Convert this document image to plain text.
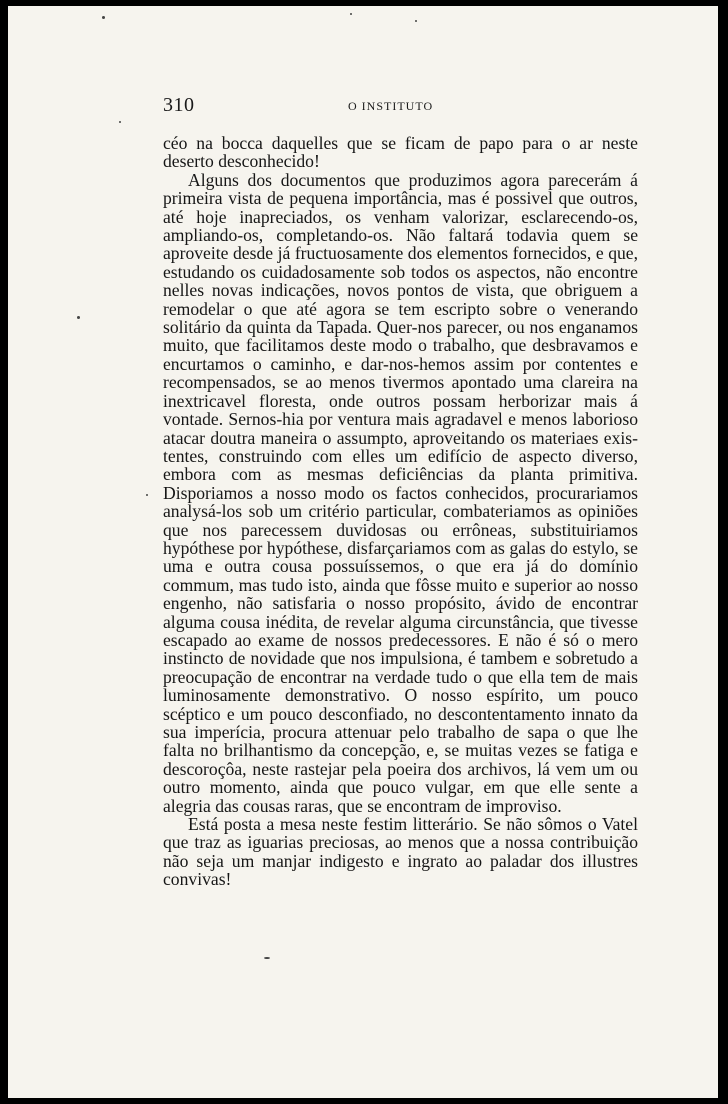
310	O INSTITUTO

céo na bocca daquelles que se ficam de papo para o ar neste deserto desconhecido!

Alguns dos documentos que produzimos agora parecerám á primeira vista de pequena importância, mas é possivel que outros, até hoje inapreciados, os venham valorizar, esclarecendo-os, ampliando-os, completando-os. Não faltará todavia quem se aproveite desde já fructuosamente dos elementos fornecidos, e que, estudando os cuidadosamente sob todos os aspectos, não encontre nelles novas indicações, novos pontos de vista, que obriguem a remodelar o que até agora se tem escripto sobre o venerando solitário da quinta da Tapada. Quer-nos parecer, ou nos enganamos muito, que facilitamos deste modo o trabalho, que desbravamos e encurtamos o caminho, e dar-nos-hemos assim por contentes e recompensados, se ao menos tivermos apontado uma clareira na inextricavel floresta, onde outros possam herborizar mais á vontade. Sernos-hia por ventura mais agradavel e menos laborioso atacar doutra maneira o assumpto, aproveitando os materiaes existentes, construindo com elles um edifício de aspecto diverso, embora com as mesmas deficiências da planta primitiva. Disporiamos a nosso modo os factos conhecidos, procurariamos analysá-los sob um critério particular, combateriamos as opiniões que nos parecessem duvidosas ou errôneas, substituiriamos hypóthese por hypóthese, disfarçariamos com as galas do estylo, se uma e outra cousa possuíssemos, o que era já do domínio commum, mas tudo isto, ainda que fôsse muito e superior ao nosso engenho, não satisfaria o nosso propósito, ávido de encontrar alguma cousa inédita, de revelar alguma circunstância, que tivesse escapado ao exame de nossos predecessores. E não é só o mero instincto de novidade que nos impulsiona, é tambem e sobretudo a preocupação de encontrar na verdade tudo o que ella tem de mais luminosamente demonstrativo. O nosso espírito, um pouco scéptico e um pouco desconfiado, no descontentamento innato da sua imperícia, procura attenuar pelo trabalho de sapa o que lhe falta no brilhantismo da concepção, e, se muitas vezes se fatiga e descoroçôa, neste rastejar pela poeira dos archivos, lá vem um ou outro momento, ainda que pouco vulgar, em que elle sente a alegria das cousas raras, que se encontram de improviso.

Está posta a mesa neste festim litterário. Se não sômos o Vatel que traz as iguarias preciosas, ao menos que a nossa contribuição não seja um manjar indigesto e ingrato ao paladar dos illustres convivas!
